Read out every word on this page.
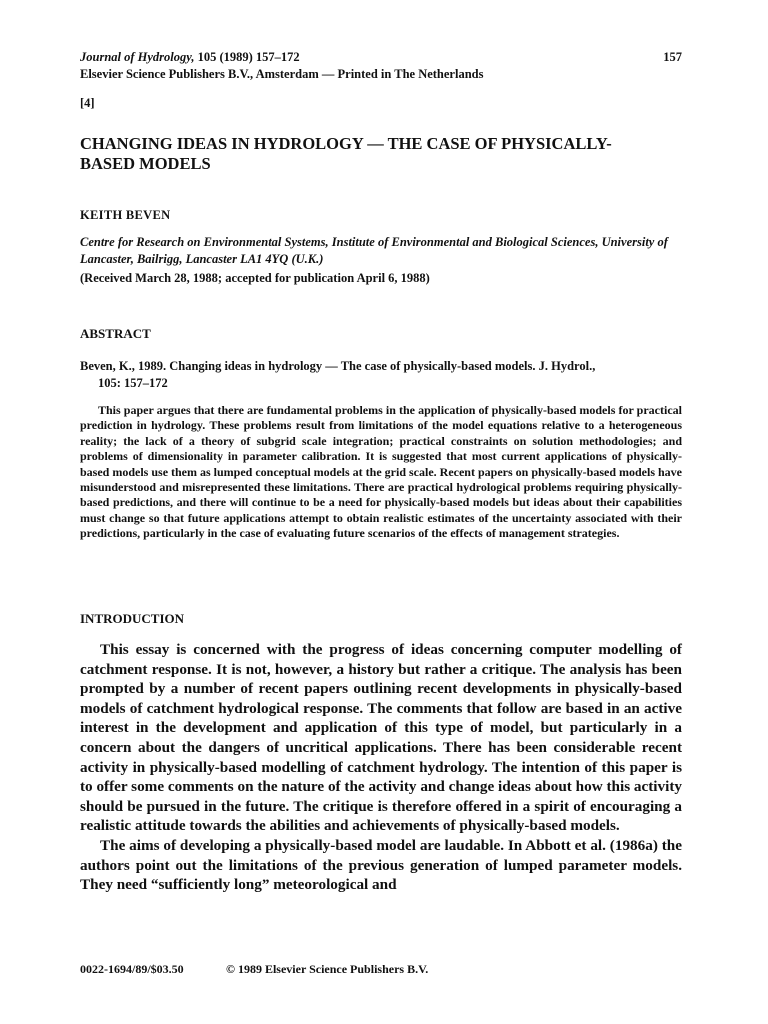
Journal of Hydrology, 105 (1989) 157–172	157
Elsevier Science Publishers B.V., Amsterdam — Printed in The Netherlands
[4]
CHANGING IDEAS IN HYDROLOGY — THE CASE OF PHYSICALLY-BASED MODELS
KEITH BEVEN
Centre for Research on Environmental Systems, Institute of Environmental and Biological Sciences, University of Lancaster, Bailrigg, Lancaster LA1 4YQ (U.K.)
(Received March 28, 1988; accepted for publication April 6, 1988)
ABSTRACT
Beven, K., 1989. Changing ideas in hydrology — The case of physically-based models. J. Hydrol.,
105: 157–172
This paper argues that there are fundamental problems in the application of physically-based models for practical prediction in hydrology. These problems result from limitations of the model equations relative to a heterogeneous reality; the lack of a theory of subgrid scale integration; practical constraints on solution methodologies; and problems of dimensionality in parameter calibration. It is suggested that most current applications of physically-based models use them as lumped conceptual models at the grid scale. Recent papers on physically-based models have misunderstood and misrepresented these limitations. There are practical hydrological problems requiring physically-based predictions, and there will continue to be a need for physically-based models but ideas about their capabilities must change so that future applications attempt to obtain realistic estimates of the uncertainty associated with their predictions, particularly in the case of evaluating future scenarios of the effects of management strategies.
INTRODUCTION

This essay is concerned with the progress of ideas concerning computer modelling of catchment response. It is not, however, a history but rather a critique. The analysis has been prompted by a number of recent papers outlining recent developments in physically-based models of catchment hydrological response. The comments that follow are based in an active interest in the development and application of this type of model, but particularly in a concern about the dangers of uncritical applications. There has been considerable recent activity in physically-based modelling of catchment hydrology. The intention of this paper is to offer some comments on the nature of the activity and change ideas about how this activity should be pursued in the future. The critique is therefore offered in a spirit of encouraging a realistic attitude towards the abilities and achievements of physically-based models.

The aims of developing a physically-based model are laudable. In Abbott et al. (1986a) the authors point out the limitations of the previous generation of lumped parameter models. They need “sufficiently long” meteorological and

0022-1694/89/$03.50	© 1989 Elsevier Science Publishers B.V.
